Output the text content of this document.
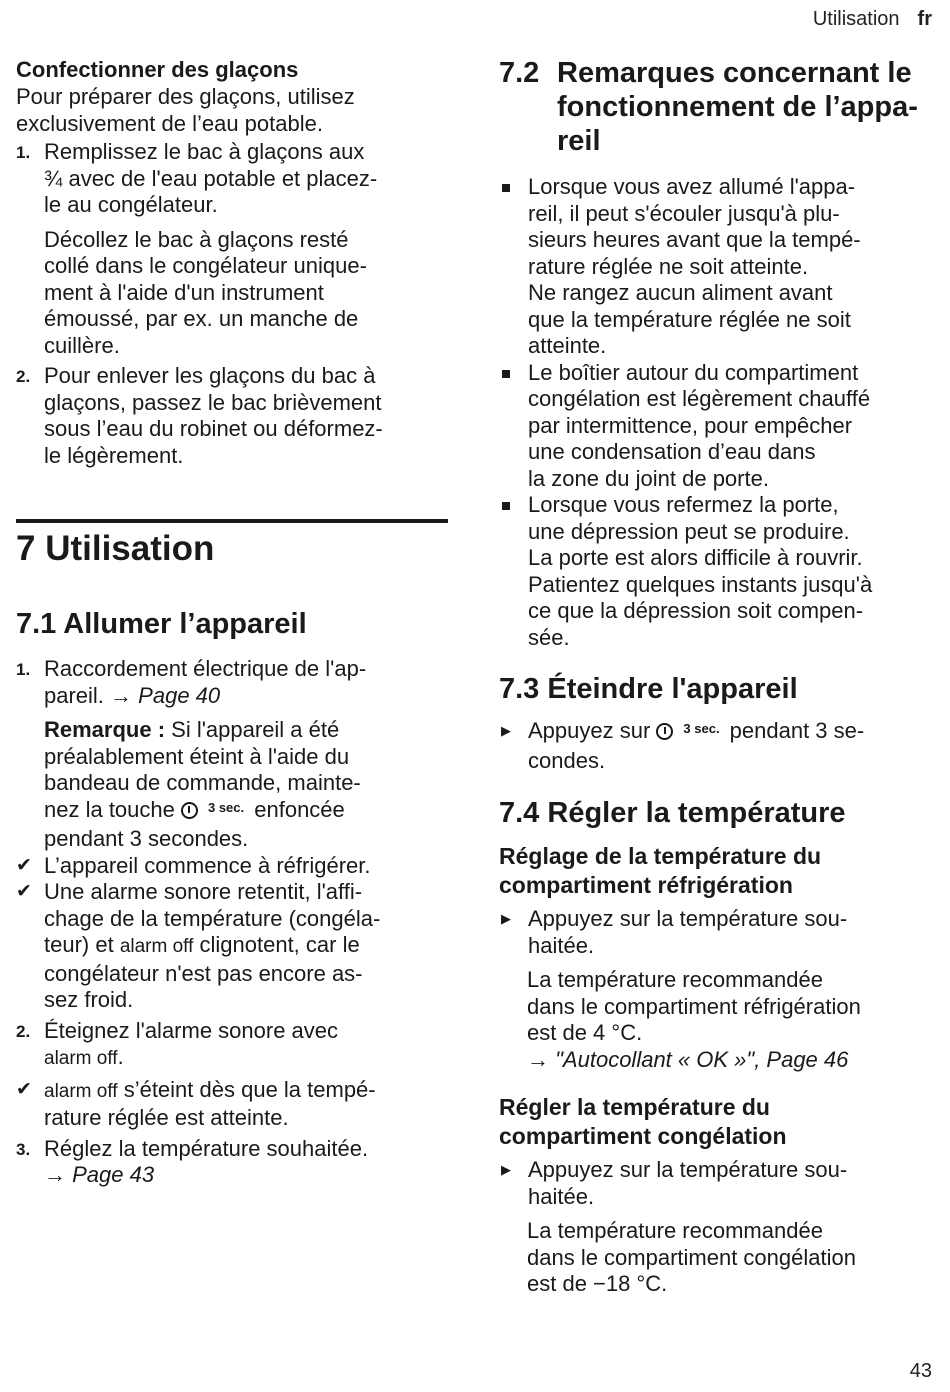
Utilisation fr

Confectionner des glaçons

Pour préparer des glaçons, utilisez

exclusivement de l’eau potable.

1. Remplissez le bac à glaçons aux

¾ avec de l'eau potable et placez-

le au congélateur.

Décollez le bac à glaçons resté

collé dans le congélateur unique-

ment à l'aide d'un instrument

émoussé, par ex. un manche de

cuillère.

2. Pour enlever les glaçons du bac à

glaçons, passez le bac brièvement

sous l’eau du robinet ou déformez-

le légèrement.

7 Utilisation

7.1 Allumer l’appareil

1. Raccordement électrique de l'ap-

pareil. → Page 40

Remarque : Si l'appareil a été

préalablement éteint à l'aide du

bandeau de commande, mainte-

nez la touche $^{3 sec.}$ enfoncée

pendant 3 secondes.

✔ L’appareil commence à réfrigérer.

✔ Une alarme sonore retentit, l'affi-

chage de la température (congéla-

teur) et alarm off clignotent, car le

congélateur n'est pas encore as-

sez froid.

2. Éteignez l'alarme sonore avec

alarm off.

✔ alarm off s’éteint dès que la tempé-

rature réglée est atteinte.

3. Réglez la température souhaitée.

→ Page 43

7.2 Remarques concernant le
fonctionnement de l’appa-
reil

Lorsque vous avez allumé l'appa-

reil, il peut s'écouler jusqu'à plu-

sieurs heures avant que la tempé-

rature réglée ne soit atteinte.

Ne rangez aucun aliment avant

que la température réglée ne soit

atteinte.

Le boîtier autour du compartiment

congélation est légèrement chauffé

par intermittence, pour empêcher

une condensation d’eau dans

la zone du joint de porte.

Lorsque vous refermez la porte,

une dépression peut se produire.

La porte est alors difficile à rouvrir.

Patientez quelques instants jusqu'à

ce que la dépression soit compen-

sée.

7.3 Éteindre l'appareil

▶ Appuyez sur $^{3 sec.}$ pendant 3 se-

condes.

7.4 Régler la température

Réglage de la température du

compartiment réfrigération

▶ Appuyez sur la température sou-

haitée.

La température recommandée

dans le compartiment réfrigération

est de 4 °C.

→ "Autocollant « OK »", Page 46

Régler la température du

compartiment congélation

▶ Appuyez sur la température sou-

haitée.

La température recommandée

dans le compartiment congélation

est de −18 °C.

43
